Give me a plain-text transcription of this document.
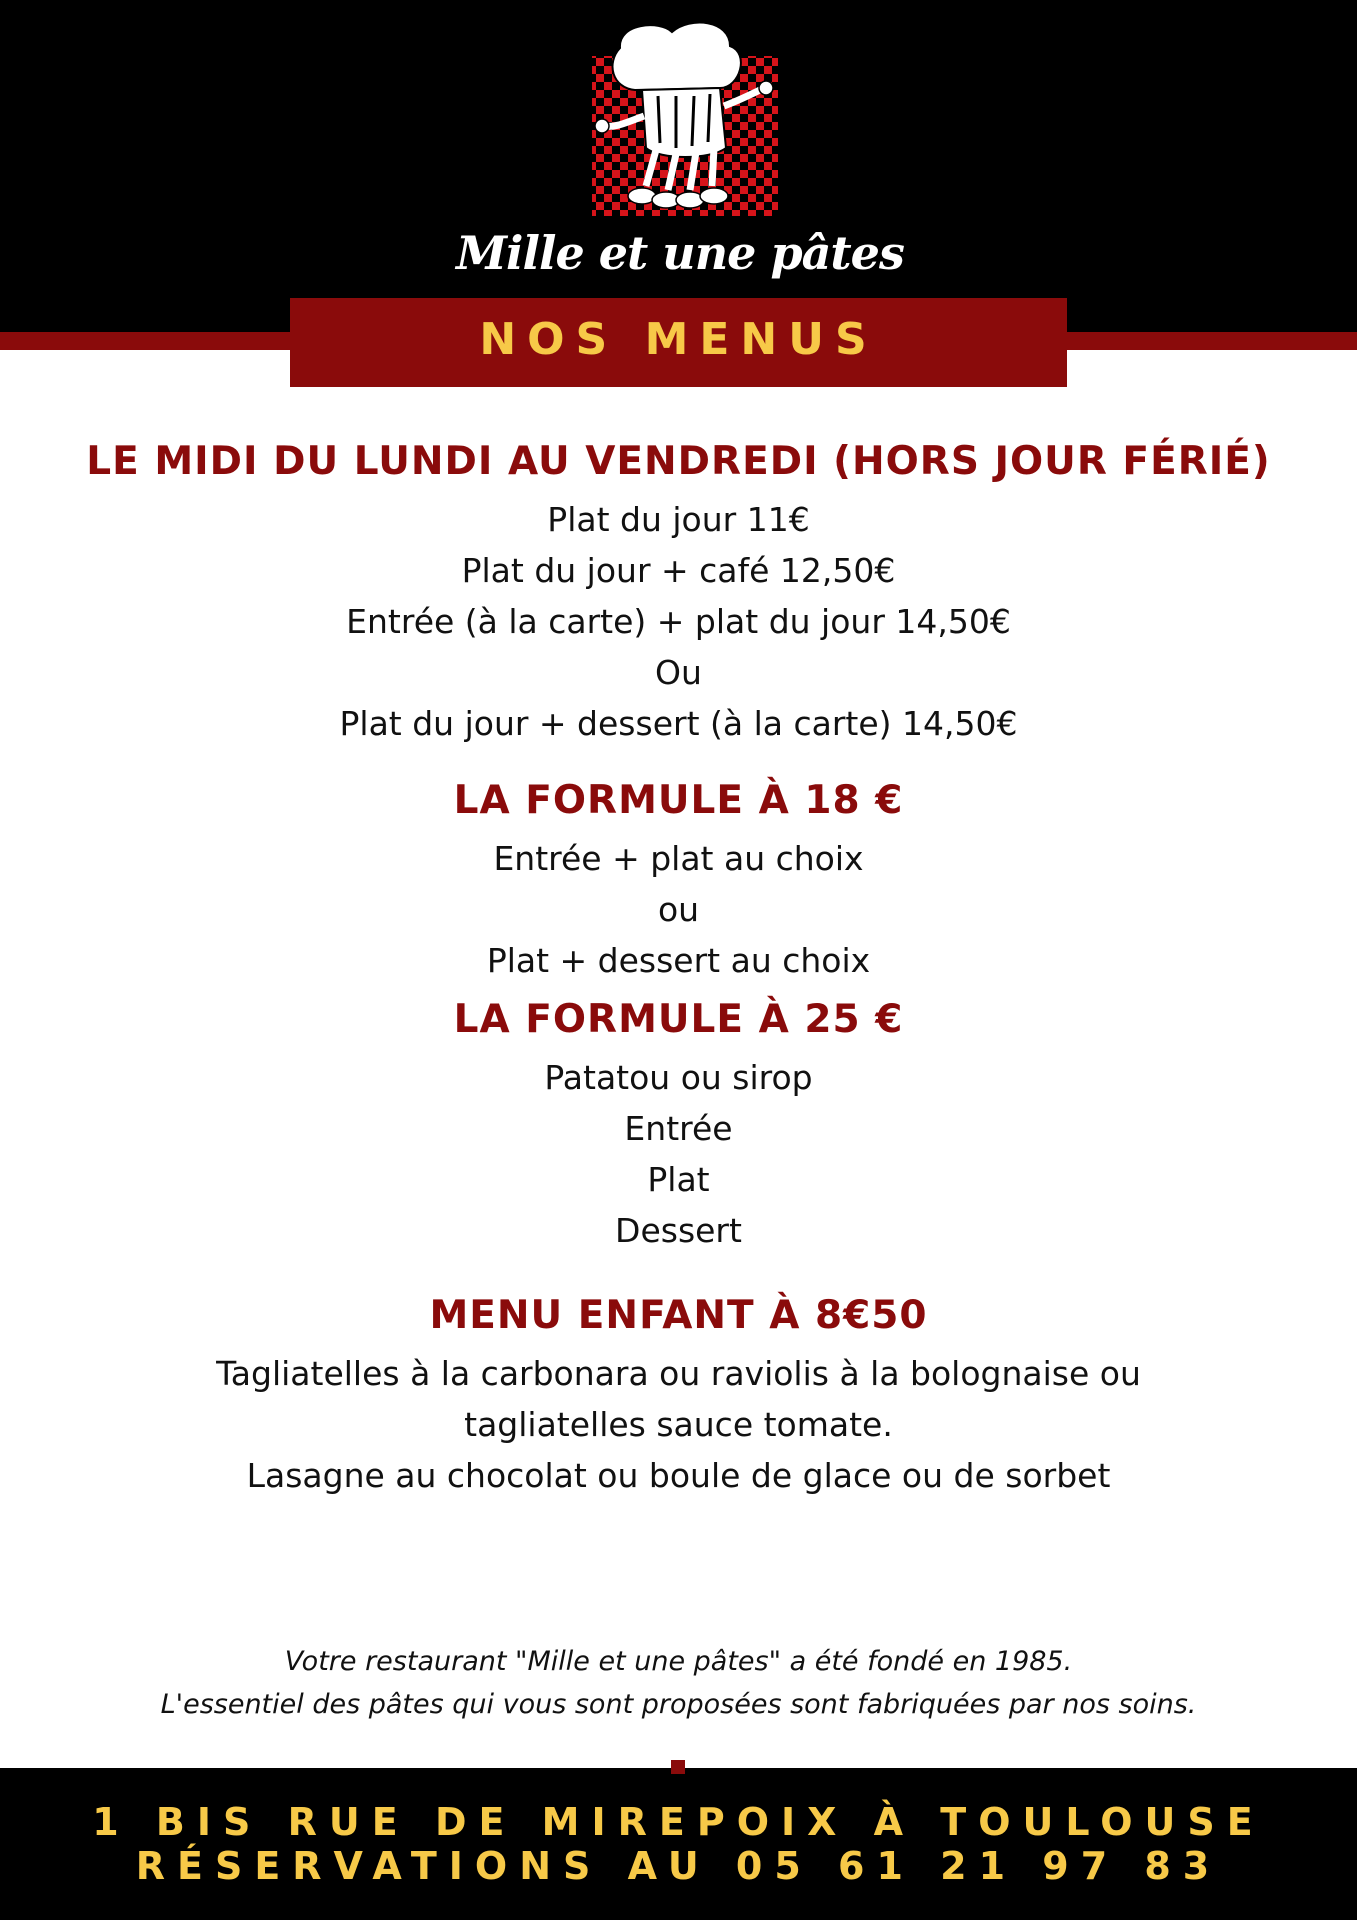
Mille et une pâtes
NOS MENUS
LE MIDI DU LUNDI AU VENDREDI (HORS JOUR FÉRIÉ)

Plat du jour 11€

Plat du jour + café 12,50€

Entrée (à la carte) + plat du jour 14,50€

Ou

Plat du jour + dessert (à la carte) 14,50€

LA FORMULE À 18 €

Entrée + plat au choix

ou

Plat + dessert au choix

LA FORMULE À 25 €

Patatou ou sirop

Entrée

Plat

Dessert

MENU ENFANT À 8€50

Tagliatelles à la carbonara ou raviolis à la bolognaise ou

tagliatelles sauce tomate.

Lasagne au chocolat ou boule de glace ou de sorbet

Votre restaurant "Mille et une pâtes" a été fondé en 1985.
L'essentiel des pâtes qui vous sont proposées sont fabriquées par nos soins.
1 BIS RUE DE MIREPOIX À TOULOUSE
RÉSERVATIONS AU 05 61 21 97 83
